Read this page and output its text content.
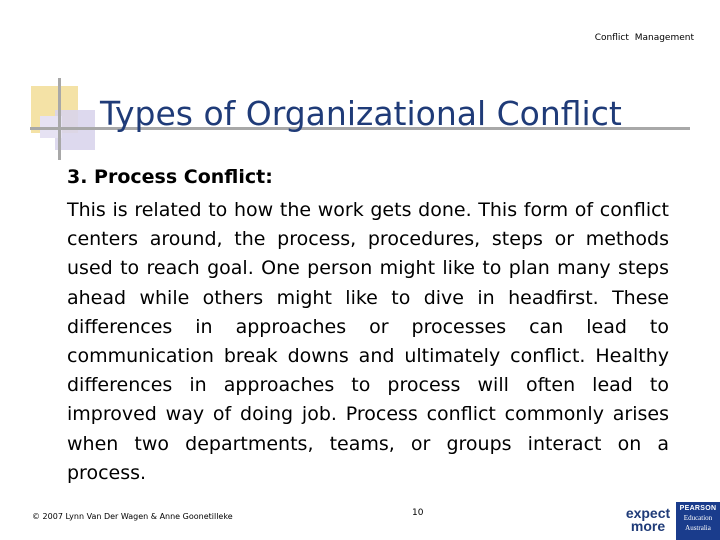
Conflict Management
Types of Organizational Conflict

3. Process Conflict:

This is related to how the work gets done. This form of conflict centers around, the process, procedures, steps or methods used to reach goal. One person might like to plan many steps ahead while others might like to dive in headfirst. These differences in approaches or processes can lead to communication break downs and ultimately conflict. Healthy differences in approaches to process will often lead to improved way of doing job. Process conflict commonly arises when two departments, teams, or groups interact on a process.

© 2007 Lynn Van Der Wagen & Anne Goonetilleke	10	expect
more
PEARSON
Education
Australia
